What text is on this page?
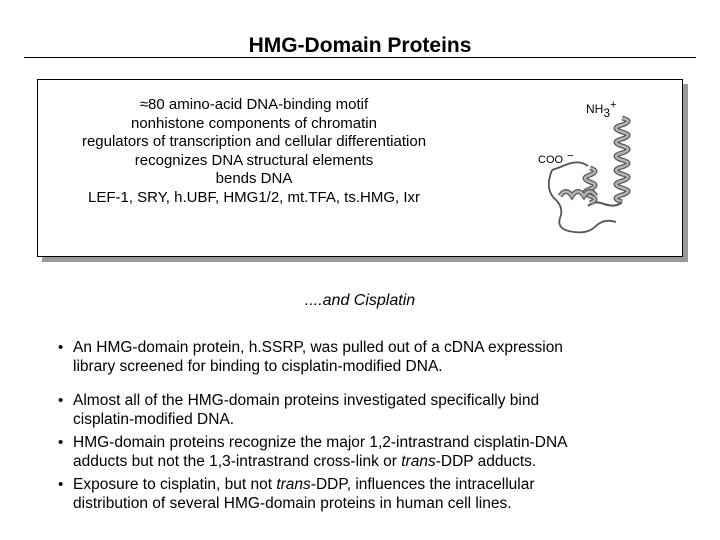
HMG-Domain Proteins
≈80 amino-acid DNA-binding motif
nonhistone components of chromatin
regulators of transcription and cellular differentiation
recognizes DNA structural elements
bends DNA
LEF-1, SRY, h.UBF, HMG1/2, mt.TFA, ts.HMG, Ixr
NH3+
COO −
....and Cisplatin
• An HMG-domain protein, h.SSRP, was pulled out of a cDNA expression
library screened for binding to cisplatin-modified DNA.
• Almost all of the HMG-domain proteins investigated specifically bind
cisplatin-modified DNA.
• HMG-domain proteins recognize the major 1,2-intrastrand cisplatin-DNA
adducts but not the 1,3-intrastrand cross-link or trans-DDP adducts.
• Exposure to cisplatin, but not trans-DDP, influences the intracellular
distribution of several HMG-domain proteins in human cell lines.
